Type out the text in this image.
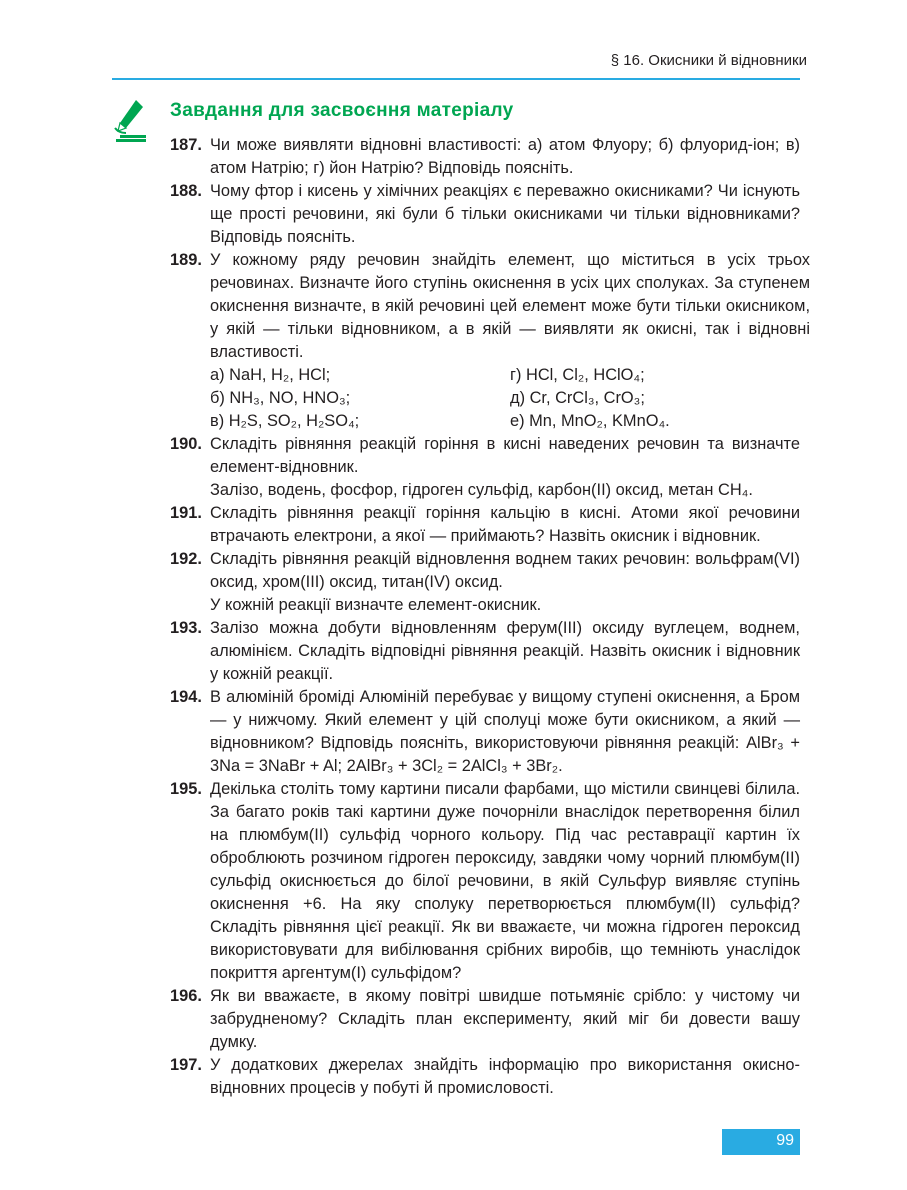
§ 16. Окисники й відновники
Завдання для засвоєння матеріалу
187. Чи може виявляти відновні властивості: а) атом Флуору; б) флуорид-іон; в) атом Натрію; г) йон Натрію? Відповідь поясніть.
188. Чому фтор і кисень у хімічних реакціях є переважно окисниками? Чи існують ще прості речовини, які були б тільки окисниками чи тільки відновниками? Відповідь поясніть.
189. У кожному ряду речовин знайдіть елемент, що міститься в усіх трьох речовинах. Визначте його ступінь окиснення в усіх цих сполуках. За ступенем окиснення визначте, в якій речовині цей елемент може бути тільки окисником, у якій — тільки відновником, а в якій — виявляти як окисні, так і відновні властивості.
а) NaH, H₂, HCl;	г) HCl, Cl₂, HClO₄;
б) NH₃, NO, HNO₃;	д) Cr, CrCl₃, CrO₃;
в) H₂S, SO₂, H₂SO₄;	е) Mn, MnO₂, KMnO₄.
190. Складіть рівняння реакцій горіння в кисні наведених речовин та визначте елемент-відновник.
Залізо, водень, фосфор, гідроген сульфід, карбон(ІІ) оксид, метан CH₄.
191. Складіть рівняння реакції горіння кальцію в кисні. Атоми якої речовини втрачають електрони, а якої — приймають? Назвіть окисник і відновник.
192. Складіть рівняння реакцій відновлення воднем таких речовин: вольфрам(VI) оксид, хром(ІІІ) оксид, титан(IV) оксид.
У кожній реакції визначте елемент-окисник.
193. Залізо можна добути відновленням ферум(ІІІ) оксиду вуглецем, воднем, алюмінієм. Складіть відповідні рівняння реакцій. Назвіть окисник і відновник у кожній реакції.
194. В алюміній броміді Алюміній перебуває у вищому ступені окиснення, а Бром — у нижчому. Який елемент у цій сполуці може бути окисником, а який — відновником? Відповідь поясніть, використовуючи рівняння реакцій: AlBr₃ + 3Na = 3NaBr + Al; 2AlBr₃ + 3Cl₂ = 2AlCl₃ + 3Br₂.
195. Декілька століть тому картини писали фарбами, що містили свинцеві білила. За багато років такі картини дуже почорніли внаслідок перетворення білил на плюмбум(ІІ) сульфід чорного кольору. Під час реставрації картин їх оброблюють розчином гідроген пероксиду, завдяки чому чорний плюмбум(ІІ) сульфід окиснюється до білої речовини, в якій Сульфур виявляє ступінь окиснення +6. На яку сполуку перетворюється плюмбум(ІІ) сульфід? Складіть рівняння цієї реакції. Як ви вважаєте, чи можна гідроген пероксид використовувати для вибілювання срібних виробів, що темніють унаслідок покриття аргентум(І) сульфідом?
196. Як ви вважаєте, в якому повітрі швидше потьмяніє срібло: у чистому чи забрудненому? Складіть план експерименту, який міг би довести вашу думку.
197. У додаткових джерелах знайдіть інформацію про використання окисно-відновних процесів у побуті й промисловості.
99
